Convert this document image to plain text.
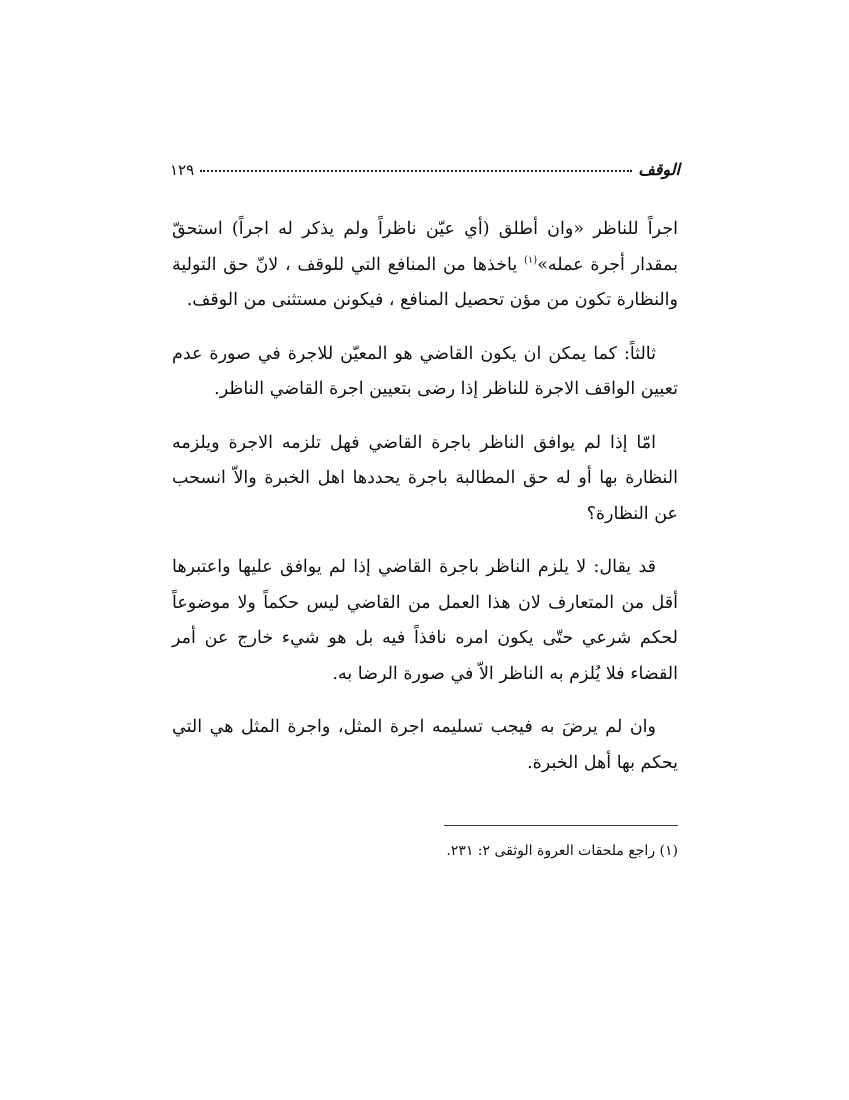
الوقف
١٢٩

اجراً للناظر «وان أطلق (أي عيّن ناظراً ولم يذكر له اجراً) استحقّ بمقدار أجرة عمله»$^{(١)}$ ياخذها من المنافع التي للوقف ، لانّ حق التولية والنظارة تكون من مؤن تحصيل المنافع ، فيكونن مستثنى من الوقف.

ثالثاً: كما يمكن ان يكون القاضي هو المعيّن للاجرة في صورة عدم تعيين الواقف الاجرة للناظر إذا رضى بتعيين اجرة القاضي الناظر.

امّا إذا لم يوافق الناظر باجرة القاضي فهل تلزمه الاجرة ويلزمه النظارة بها أو له حق المطالبة باجرة يحددها اهل الخبرة والاّ انسحب عن النظارة؟

قد يقال: لا يلزم الناظر باجرة القاضي إذا لم يوافق عليها واعتبرها أقل من المتعارف لان هذا العمل من القاضي ليس حكماً ولا موضوعاً لحكم شرعي حتّى يكون امره نافذاً فيه بل هو شيء خارج عن أمر القضاء فلا يُلزم به الناظر الاّ في صورة الرضا به.

وان لم يرضَ به فيجب تسليمه اجرة المثل، واجرة المثل هي التي يحكم بها أهل الخبرة.

(١) راجع ملحقات العروة الوثقى ٢: ٢٣١.
